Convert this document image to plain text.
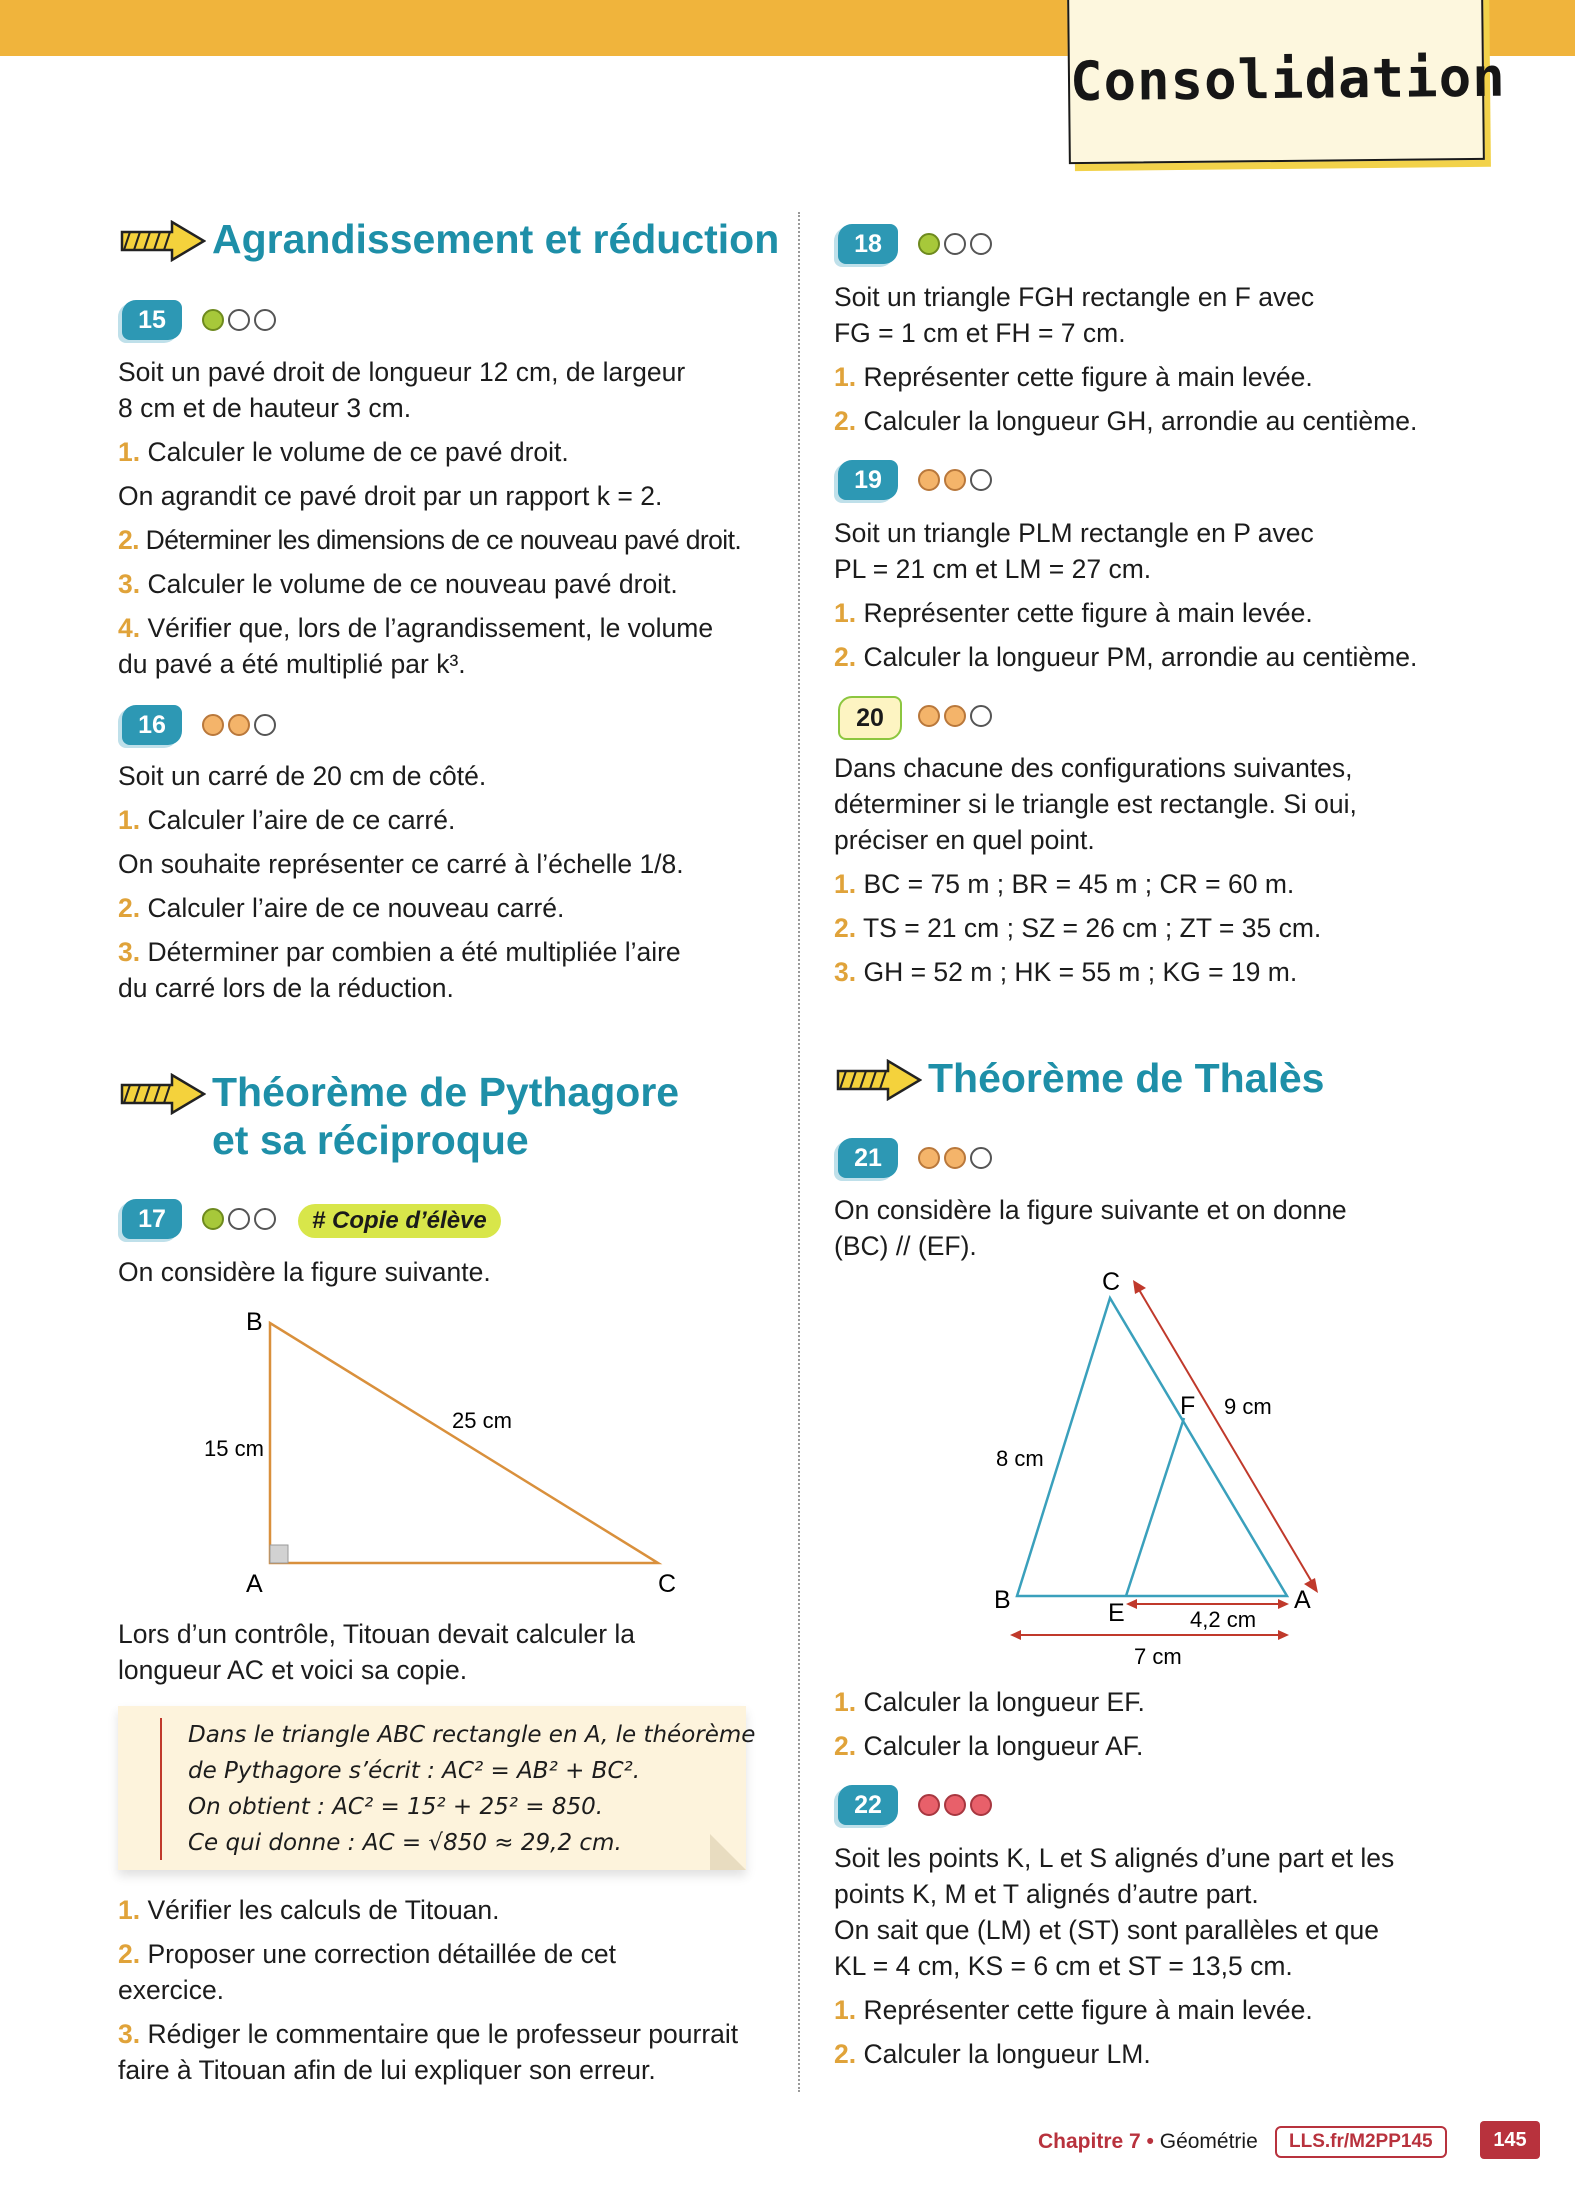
Consolidation
Agrandissement et réduction
15
Soit un pavé droit de longueur 12 cm, de largeur
8 cm et de hauteur 3 cm.
1. Calculer le volume de ce pavé droit.
On agrandit ce pavé droit par un rapport k = 2.
2. Déterminer les dimensions de ce nouveau pavé droit.
3. Calculer le volume de ce nouveau pavé droit.
4. Vérifier que, lors de l’agrandissement, le volume
du pavé a été multiplié par k³.
16
Soit un carré de 20 cm de côté.
1. Calculer l’aire de ce carré.
On souhaite représenter ce carré à l’échelle 1/8.
2. Calculer l’aire de ce nouveau carré.
3. Déterminer par combien a été multipliée l’aire
du carré lors de la réduction.
Théorème de Pythagore
et sa réciproque
17	# Copie d’élève
On considère la figure suivante.
B
A	C
25 cm
15 cm
Lors d’un contrôle, Titouan devait calculer la
longueur AC et voici sa copie.
Dans le triangle ABC rectangle en A, le théorème
de Pythagore s’écrit : AC² = AB² + BC².
On obtient : AC² = 15² + 25² = 850.
Ce qui donne : AC = √850 ≈ 29,2 cm.
1. Vérifier les calculs de Titouan.
2. Proposer une correction détaillée de cet
exercice.
3. Rédiger le commentaire que le professeur pourrait
faire à Titouan afin de lui expliquer son erreur.
18
Soit un triangle FGH rectangle en F avec
FG = 1 cm et FH = 7 cm.
1. Représenter cette figure à main levée.
2. Calculer la longueur GH, arrondie au centième.
19
Soit un triangle PLM rectangle en P avec
PL = 21 cm et LM = 27 cm.
1. Représenter cette figure à main levée.
2. Calculer la longueur PM, arrondie au centième.
20
Dans chacune des configurations suivantes,
déterminer si le triangle est rectangle. Si oui,
préciser en quel point.
1. BC = 75 m ; BR = 45 m ; CR = 60 m.
2. TS = 21 cm ; SZ = 26 cm ; ZT = 35 cm.
3. GH = 52 m ; HK = 55 m ; KG = 19 m.
Théorème de Thalès
21
On considère la figure suivante et on donne
(BC) // (EF).
C
F
B	E	A
9 cm
8 cm
4,2 cm
7 cm
1. Calculer la longueur EF.
2. Calculer la longueur AF.
22
Soit les points K, L et S alignés d’une part et les
points K, M et T alignés d’autre part.
On sait que (LM) et (ST) sont parallèles et que
KL = 4 cm, KS = 6 cm et ST = 13,5 cm.
1. Représenter cette figure à main levée.
2. Calculer la longueur LM.
Chapitre 7 • Géométrie	LLS.fr/M2PP145	145
